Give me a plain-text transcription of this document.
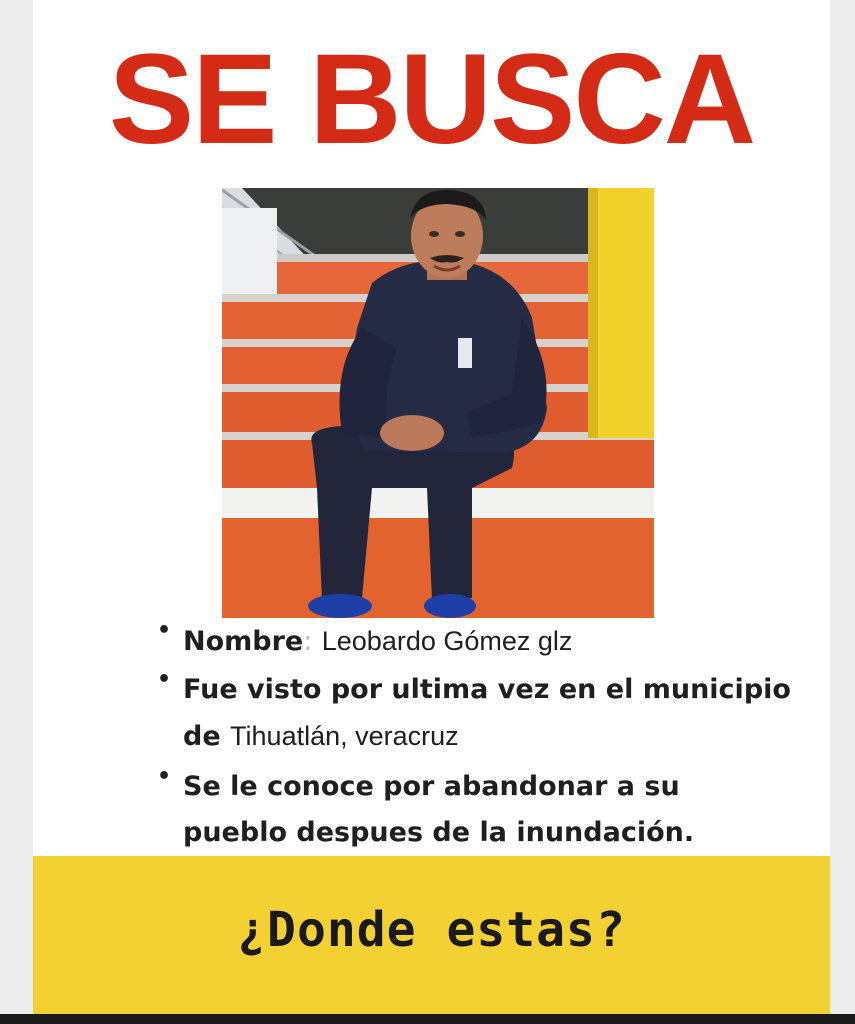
SE BUSCA
• Nombre: Leobardo Gómez glz
• Fue visto por ultima vez en el municipio
de Tihuatlán, veracruz
• Se le conoce por abandonar a su
pueblo despues de la inundación.
¿Donde estas?
